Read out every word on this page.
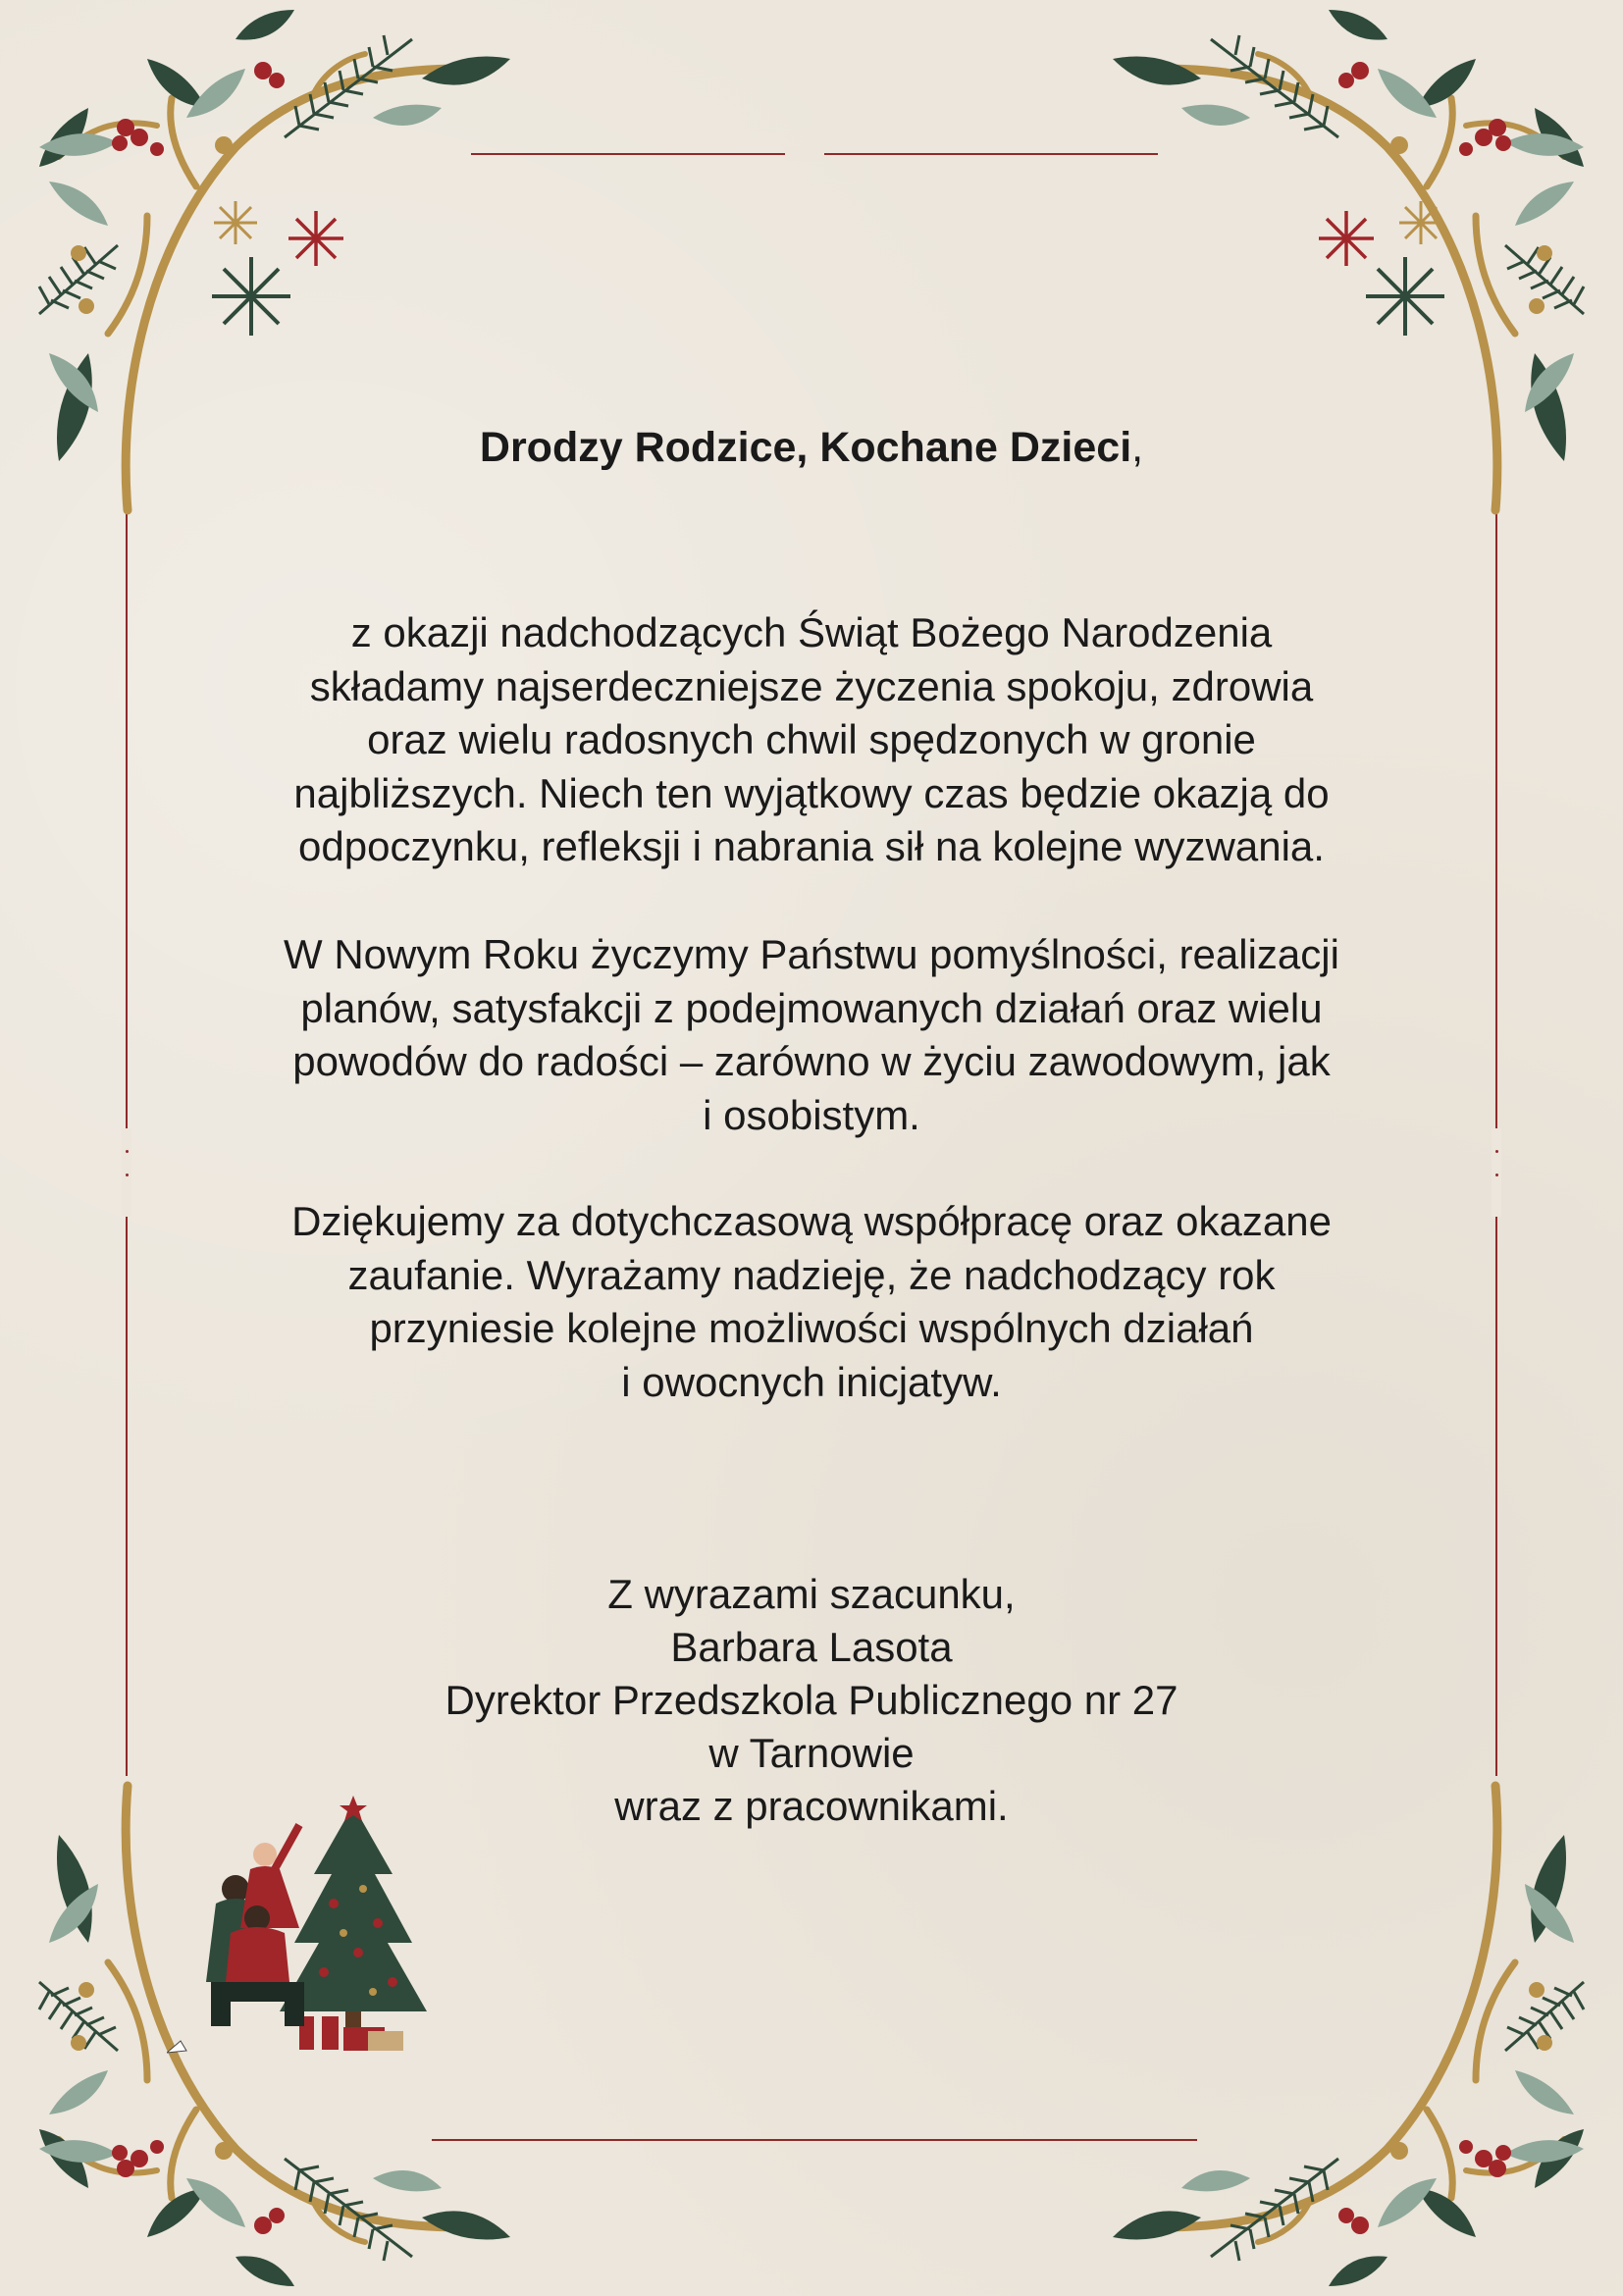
Drodzy Rodzice, Kochane Dzieci,
z okazji nadchodzących Świąt Bożego Narodzenia
składamy najserdeczniejsze życzenia spokoju, zdrowia
oraz wielu radosnych chwil spędzonych w gronie
najbliższych. Niech ten wyjątkowy czas będzie okazją do
odpoczynku, refleksji i nabrania sił na kolejne wyzwania.
W Nowym Roku życzymy Państwu pomyślności, realizacji
planów, satysfakcji z podejmowanych działań oraz wielu
powodów do radości – zarówno w życiu zawodowym, jak
i osobistym.
Dziękujemy za dotychczasową współpracę oraz okazane
zaufanie. Wyrażamy nadzieję, że nadchodzący rok
przyniesie kolejne możliwości wspólnych działań
i owocnych inicjatyw.
Z wyrazami szacunku,
Barbara Lasota
Dyrektor Przedszkola Publicznego nr 27
w Tarnowie
wraz z pracownikami.
